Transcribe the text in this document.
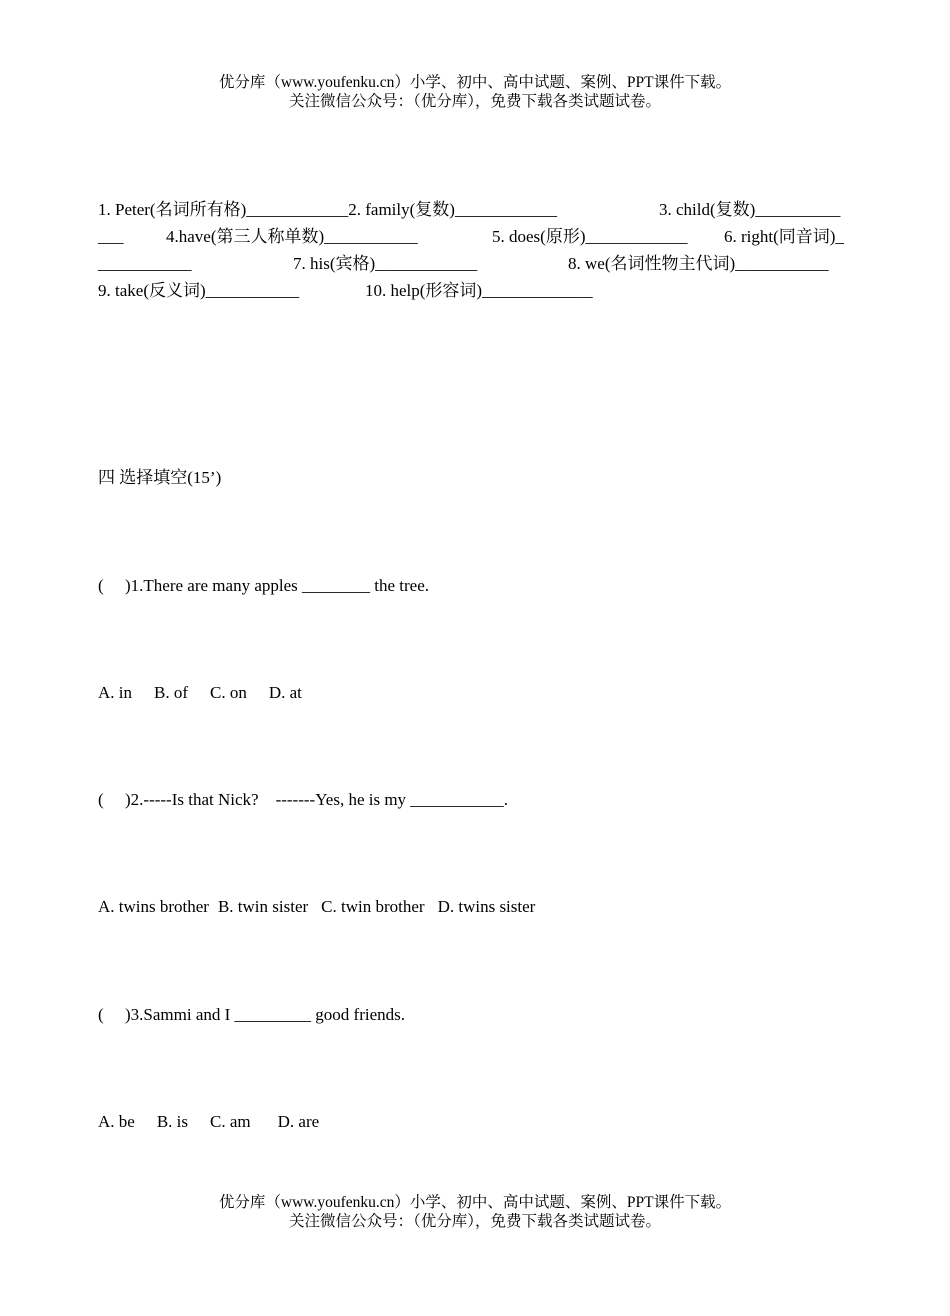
优分库（www.youfenku.cn）小学、初中、高中试题、案例、PPT课件下载。
关注微信公众号：（优分库），免费下载各类试题试卷。
1. Peter(名词所有格)____________2. family(复数)____________	3. child(复数)__________
___	4.have(第三人称单数)___________	5. does(原形)____________ 6. right(同音词)_
___________	7. his(宾格)____________	8. we(名词性物主代词)___________
9. take(反义词)___________	10. help(形容词)_____________
四 选择填空(15’)
( )1.There are many apples ________ the tree.
A. in B. of C. on D. at
( )2.-----Is that Nick?    -------Yes, he is my ___________.
A. twins brother B. twin sister C. twin brother D. twins sister
( )3.Sammi and I _________ good friends.
A. be B. is C. am D. are
优分库（www.youfenku.cn）小学、初中、高中试题、案例、PPT课件下载。
关注微信公众号：（优分库），免费下载各类试题试卷。
